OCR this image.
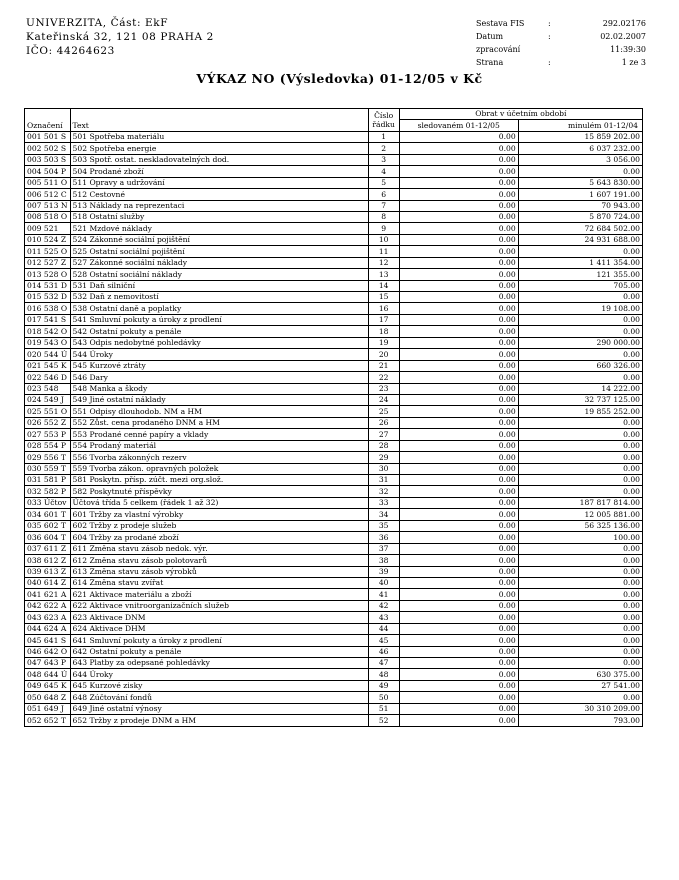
UNIVERZITA, Část: EkF
Kateřinská 32, 121 08 PRAHA 2
IČO: 44264623
Sestava FIS	:	292.02176
Datum zpracování
:	02.02.2007 11:39:30
Strana	:	1 ze 3
VÝKAZ NO (Výsledovka) 01-12/05 v Kč
Označení	Text	Číslo řádku	Obrat v účetním období	
			sledovaném 01-12/05	minulém 01-12/04
001 501 S	501 Spotřeba materiálu	1	0.00	15 859 202.00
002 502 S	502 Spotřeba energie	2	0.00	6 037 232.00
003 503 S	503 Spotř. ostat. neskladovatelných dod.	3	0.00	3 056.00
004 504 P	504 Prodané zboží	4	0.00	0.00
005 511 O	511 Opravy a udržování	5	0.00	5 643 830.00
006 512 C	512 Cestovné	6	0.00	1 607 191.00
007 513 N	513 Náklady na reprezentaci	7	0.00	70 943.00
008 518 O	518 Ostatní služby	8	0.00	5 870 724.00
009 521	521 Mzdové náklady	9	0.00	72 684 502.00
010 524 Z	524 Zákonné sociální pojištění	10	0.00	24 931 688.00
011 525 O	525 Ostatní sociální pojištění	11	0.00	0.00
012 527 Z	527 Zákonné sociální náklady	12	0.00	1 411 354.00
013 528 O	528 Ostatní sociální náklady	13	0.00	121 355.00
014 531 D	531 Daň silniční	14	0.00	705.00
015 532 D	532 Daň z nemovitostí	15	0.00	0.00
016 538 O	538 Ostatní daně a poplatky	16	0.00	19 108.00
017 541 S	541 Smluvní pokuty a úroky z prodlení	17	0.00	0.00
018 542 O	542 Ostatní pokuty a penále	18	0.00	0.00
019 543 O	543 Odpis nedobytné pohledávky	19	0.00	290 000.00
020 544 Ú	544 Úroky	20	0.00	0.00
021 545 K	545 Kurzové ztráty	21	0.00	660 326.00
022 546 D	546 Dary	22	0.00	0.00
023 548	548 Manka a škody	23	0.00	14 222.00
024 549 J	549 Jiné ostatní náklady	24	0.00	32 737 125.00
025 551 O	551 Odpisy dlouhodob. NM a HM	25	0.00	19 855 252.00
026 552 Z	552 Zůst. cena prodaného DNM a HM	26	0.00	0.00
027 553 P	553 Prodané cenné papíry a vklady	27	0.00	0.00
028 554 P	554 Prodaný materiál	28	0.00	0.00
029 556 T	556 Tvorba zákonných rezerv	29	0.00	0.00
030 559 T	559 Tvorba zákon. opravných položek	30	0.00	0.00
031 581 P	581 Poskytn. přísp. zúčt. mezi org.slož.	31	0.00	0.00
032 582 P	582 Poskytnuté příspěvky	32	0.00	0.00
033 Účtov	Účtová třída 5 celkem (řádek 1 až 32)	33	0.00	187 817 814.00
034 601 T	601 Tržby za vlastní výrobky	34	0.00	12 005 881.00
035 602 T	602 Tržby z prodeje služeb	35	0.00	56 325 136.00
036 604 T	604 Tržby za prodané zboží	36	0.00	100.00
037 611 Z	611 Změna stavu zásob nedok. výr.	37	0.00	0.00
038 612 Z	612 Změna stavu zásob polotovarů	38	0.00	0.00
039 613 Z	613 Změna stavu zásob výrobků	39	0.00	0.00
040 614 Z	614 Změna stavu zvířat	40	0.00	0.00
041 621 A	621 Aktivace materiálu a zboží	41	0.00	0.00
042 622 A	622 Aktivace vnitroorganizačních služeb	42	0.00	0.00
043 623 A	623 Aktivace DNM	43	0.00	0.00
044 624 A	624 Aktivace DHM	44	0.00	0.00
045 641 S	641 Smluvní pokuty a úroky z prodlení	45	0.00	0.00
046 642 O	642 Ostatní pokuty a penále	46	0.00	0.00
047 643 P	643 Platby za odepsané pohledávky	47	0.00	0.00
048 644 Ú	644 Úroky	48	0.00	630 375.00
049 645 K	645 Kurzové zisky	49	0.00	27 541.00
050 648 Z	648 Zúčtování fondů	50	0.00	0.00
051 649 J	649 Jiné ostatní výnosy	51	0.00	30 310 209.00
052 652 T	652 Tržby z prodeje DNM a HM	52	0.00	793.00
